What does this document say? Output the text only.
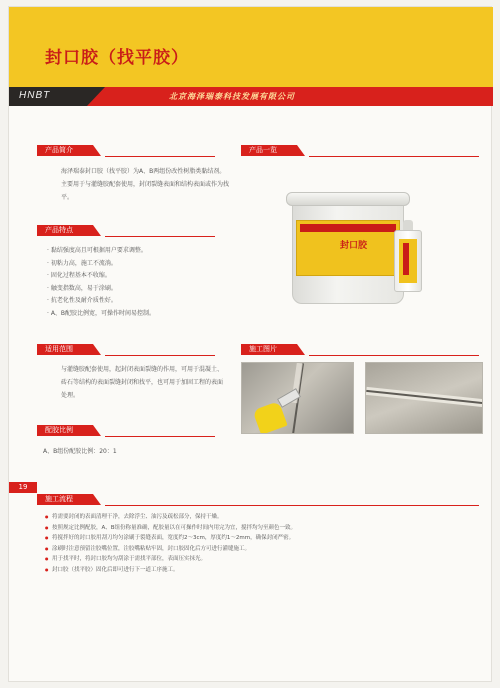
封口胶（找平胶）
HNBT	北京海泽瑞泰科技发展有限公司
产品简介
海泽瑞泰封口胶（找平胶）为A、B两组份改性树脂类黏结剂。主要用于与灌缝胶配套使用，封闭裂缝表面和结构表面或作为找平。
产品一览
封口胶
产品特点
· 黏结强度高且可根据用户要求调整。
· 初粘力高，施工不流淌。
· 固化过程基本不收缩。
· 触变指数高，易于涂刷。
· 抗老化性及耐介质性好。
· A、B配胶比例宽，可操作时间易控制。
适用范围
与灌缝胶配套使用，起封闭表面裂缝的作用，可用于混凝土、砖石等结构的表面裂缝封闭和找平，也可用于加固工程的表面处理。
施工图片
配胶比例
A、B组份配胶比例：20：1
19
施工流程
● 将需要封闭的表面清理干净，去除浮尘、油污及疏松部分，保持干燥。
● 按照规定比例配胶，A、B组份称量准确，配胶量以在可操作时间内用完为宜，搅拌均匀至颜色一致。
● 将搅拌好的封口胶用刮刀均匀涂刷于裂缝表面，宽度约2～3cm，厚度约1～2mm，确保封闭严密。
● 涂刷时注意预留注胶嘴位置，注胶嘴粘贴牢固，封口胶固化后方可进行灌缝施工。
● 用于找平时，将封口胶均匀刮涂于需找平部位，表面压实抹光。
● 封口胶（找平胶）固化后即可进行下一道工序施工。
